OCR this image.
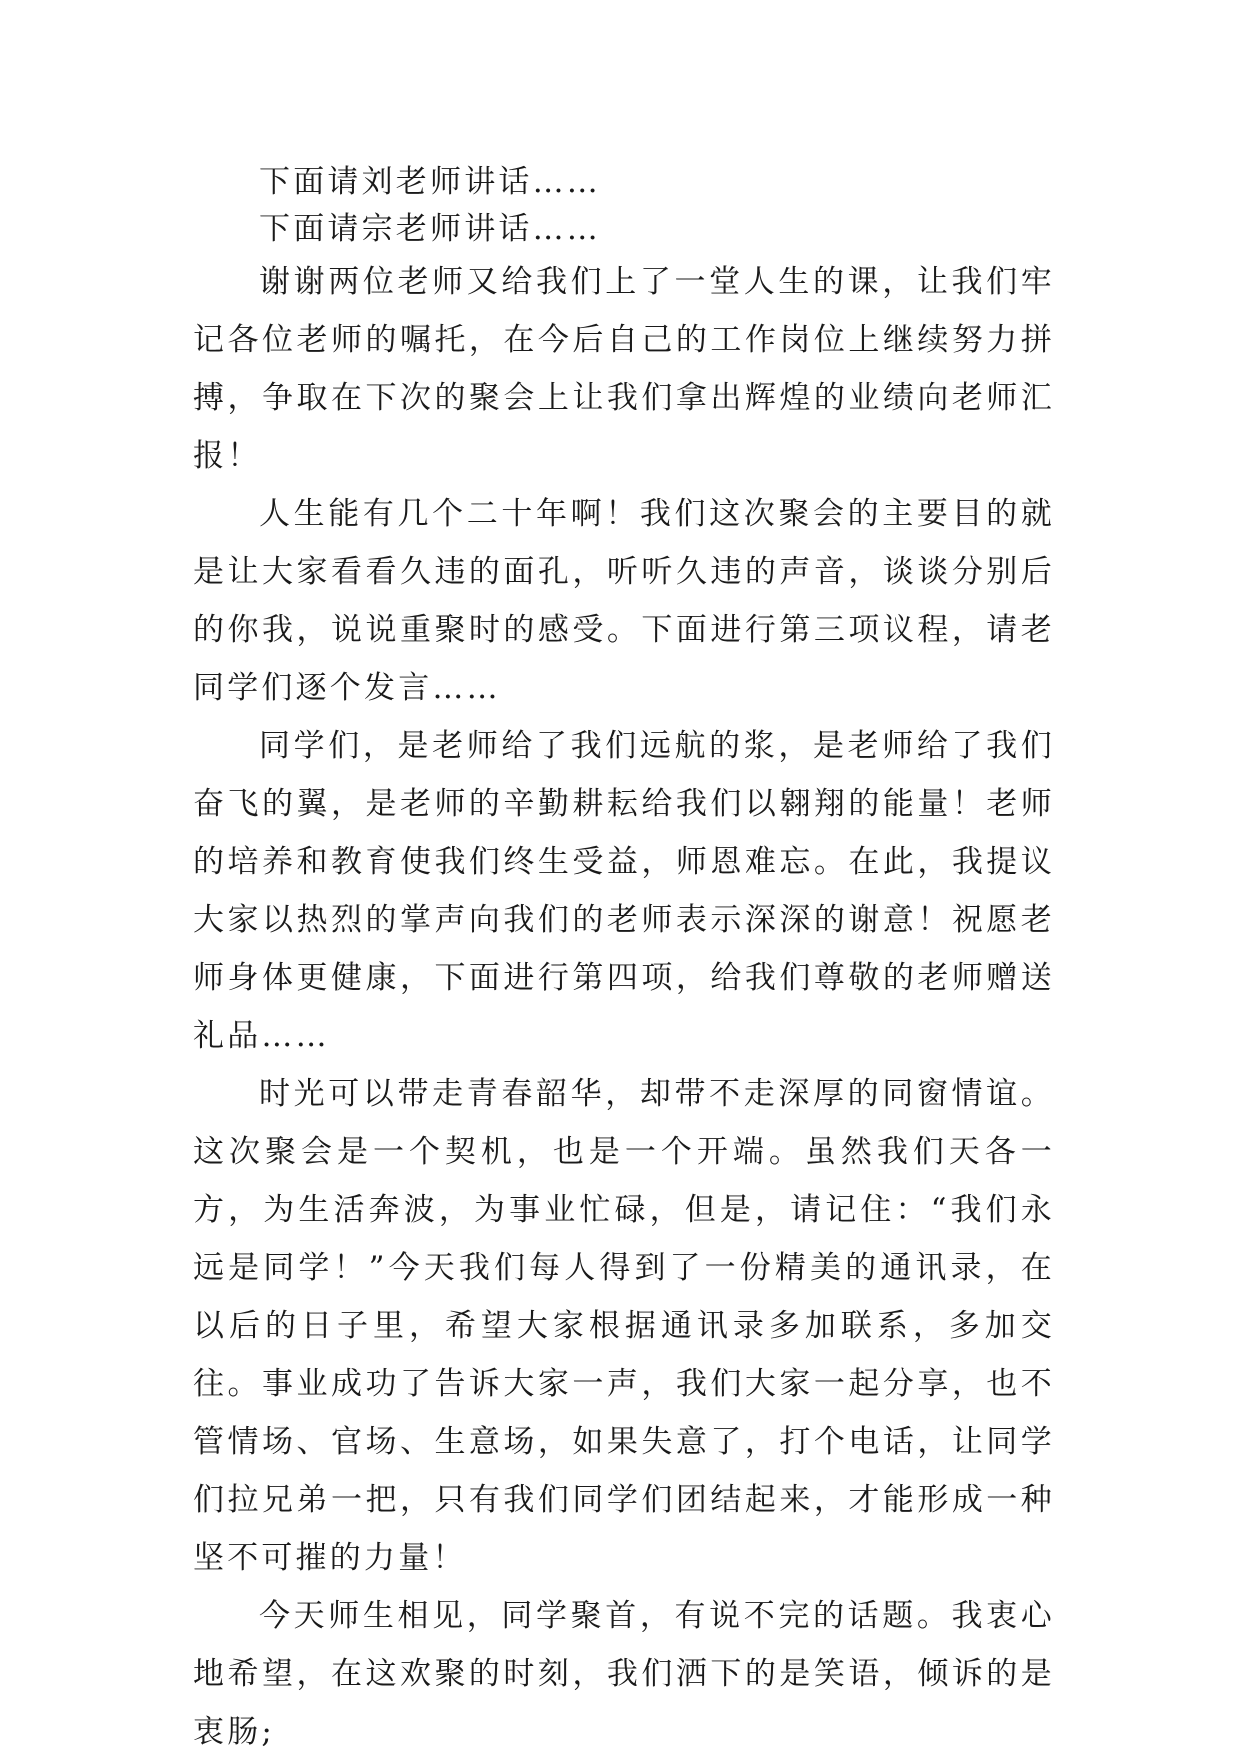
下面请刘老师讲话……

下面请宗老师讲话……

谢谢两位老师又给我们上了一堂人生的课，让我们牢记各位老师的嘱托，在今后自己的工作岗位上继续努力拼搏，争取在下次的聚会上让我们拿出辉煌的业绩向老师汇报！

人生能有几个二十年啊！我们这次聚会的主要目的就是让大家看看久违的面孔，听听久违的声音，谈谈分别后的你我，说说重聚时的感受。下面进行第三项议程，请老同学们逐个发言……

同学们，是老师给了我们远航的浆，是老师给了我们奋飞的翼，是老师的辛勤耕耘给我们以翱翔的能量！老师的培养和教育使我们终生受益，师恩难忘。在此，我提议大家以热烈的掌声向我们的老师表示深深的谢意！祝愿老师身体更健康，下面进行第四项，给我们尊敬的老师赠送礼品……

时光可以带走青春韶华，却带不走深厚的同窗情谊。这次聚会是一个契机，也是一个开端。虽然我们天各一方，为生活奔波，为事业忙碌，但是，请记住：“我们永远是同学！”今天我们每人得到了一份精美的通讯录，在以后的日子里，希望大家根据通讯录多加联系，多加交往。事业成功了告诉大家一声，我们大家一起分享，也不管情场、官场、生意场，如果失意了，打个电话，让同学们拉兄弟一把，只有我们同学们团结起来，才能形成一种坚不可摧的力量！

今天师生相见，同学聚首，有说不完的话题。我衷心地希望，在这欢聚的时刻，我们洒下的是笑语，倾诉的是衷肠;
